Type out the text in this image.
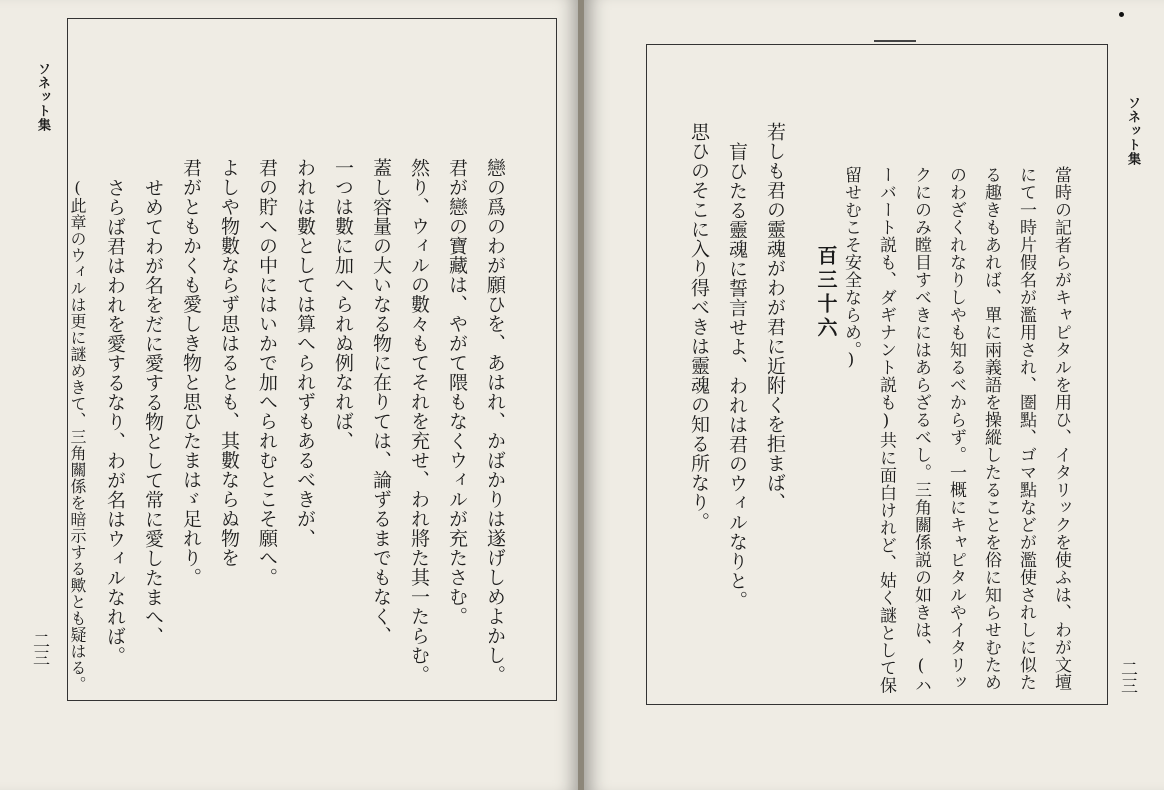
ソネット集
二三	戀の爲のわが願ひを、あはれ、かばかりは遂げしめよかし。
君が戀の寶藏は、やがて隈もなくウィルが充たさむ。
然り、ウィルの數々もてそれを充せ、われ將た其一たらむ。
蓋し容量の大いなる物に在りては、論ずるまでもなく、
一つは數に加へられぬ例なれば、
われは數としては算へられずもあるべきが、
君の貯への中にはいかで加へられむとこそ願へ。
よしや物數ならず思はるとも、其數ならぬ物を
君がともかくも愛しき物と思ひたまはゞ足れり。
せめてわが名をだに愛する物として常に愛したまへ、
さらば君はわれを愛するなり、わが名はウィルなれば。
(此章のウィルは更に謎めきて、三角關係を暗示する歟とも疑はる。
ソネット集
二三
當時の記者らがキャピタルを用ひ、イタリックを使ふは、わが文壇
にて一時片假名が濫用され、圏點、ゴマ點などが濫使されしに似た
る趣きもあれば、單に兩義語を操縱したることを俗に知らせむため
のわざくれなりしやも知るべからず。一概にキャピタルやイタリッ
クにのみ瞠目すべきにはあらざるべし。三角關係説の如きは、(ハ
ーバート説も、ダギナント説も)共に面白けれど、姑く謎として保
留せむこそ安全ならめ。)
百三十六
若しも君の靈魂がわが君に近附くを拒まば、
盲ひたる靈魂に誓言せよ、われは君のウィルなりと。
思ひのそこに入り得べきは靈魂の知る所なり。
